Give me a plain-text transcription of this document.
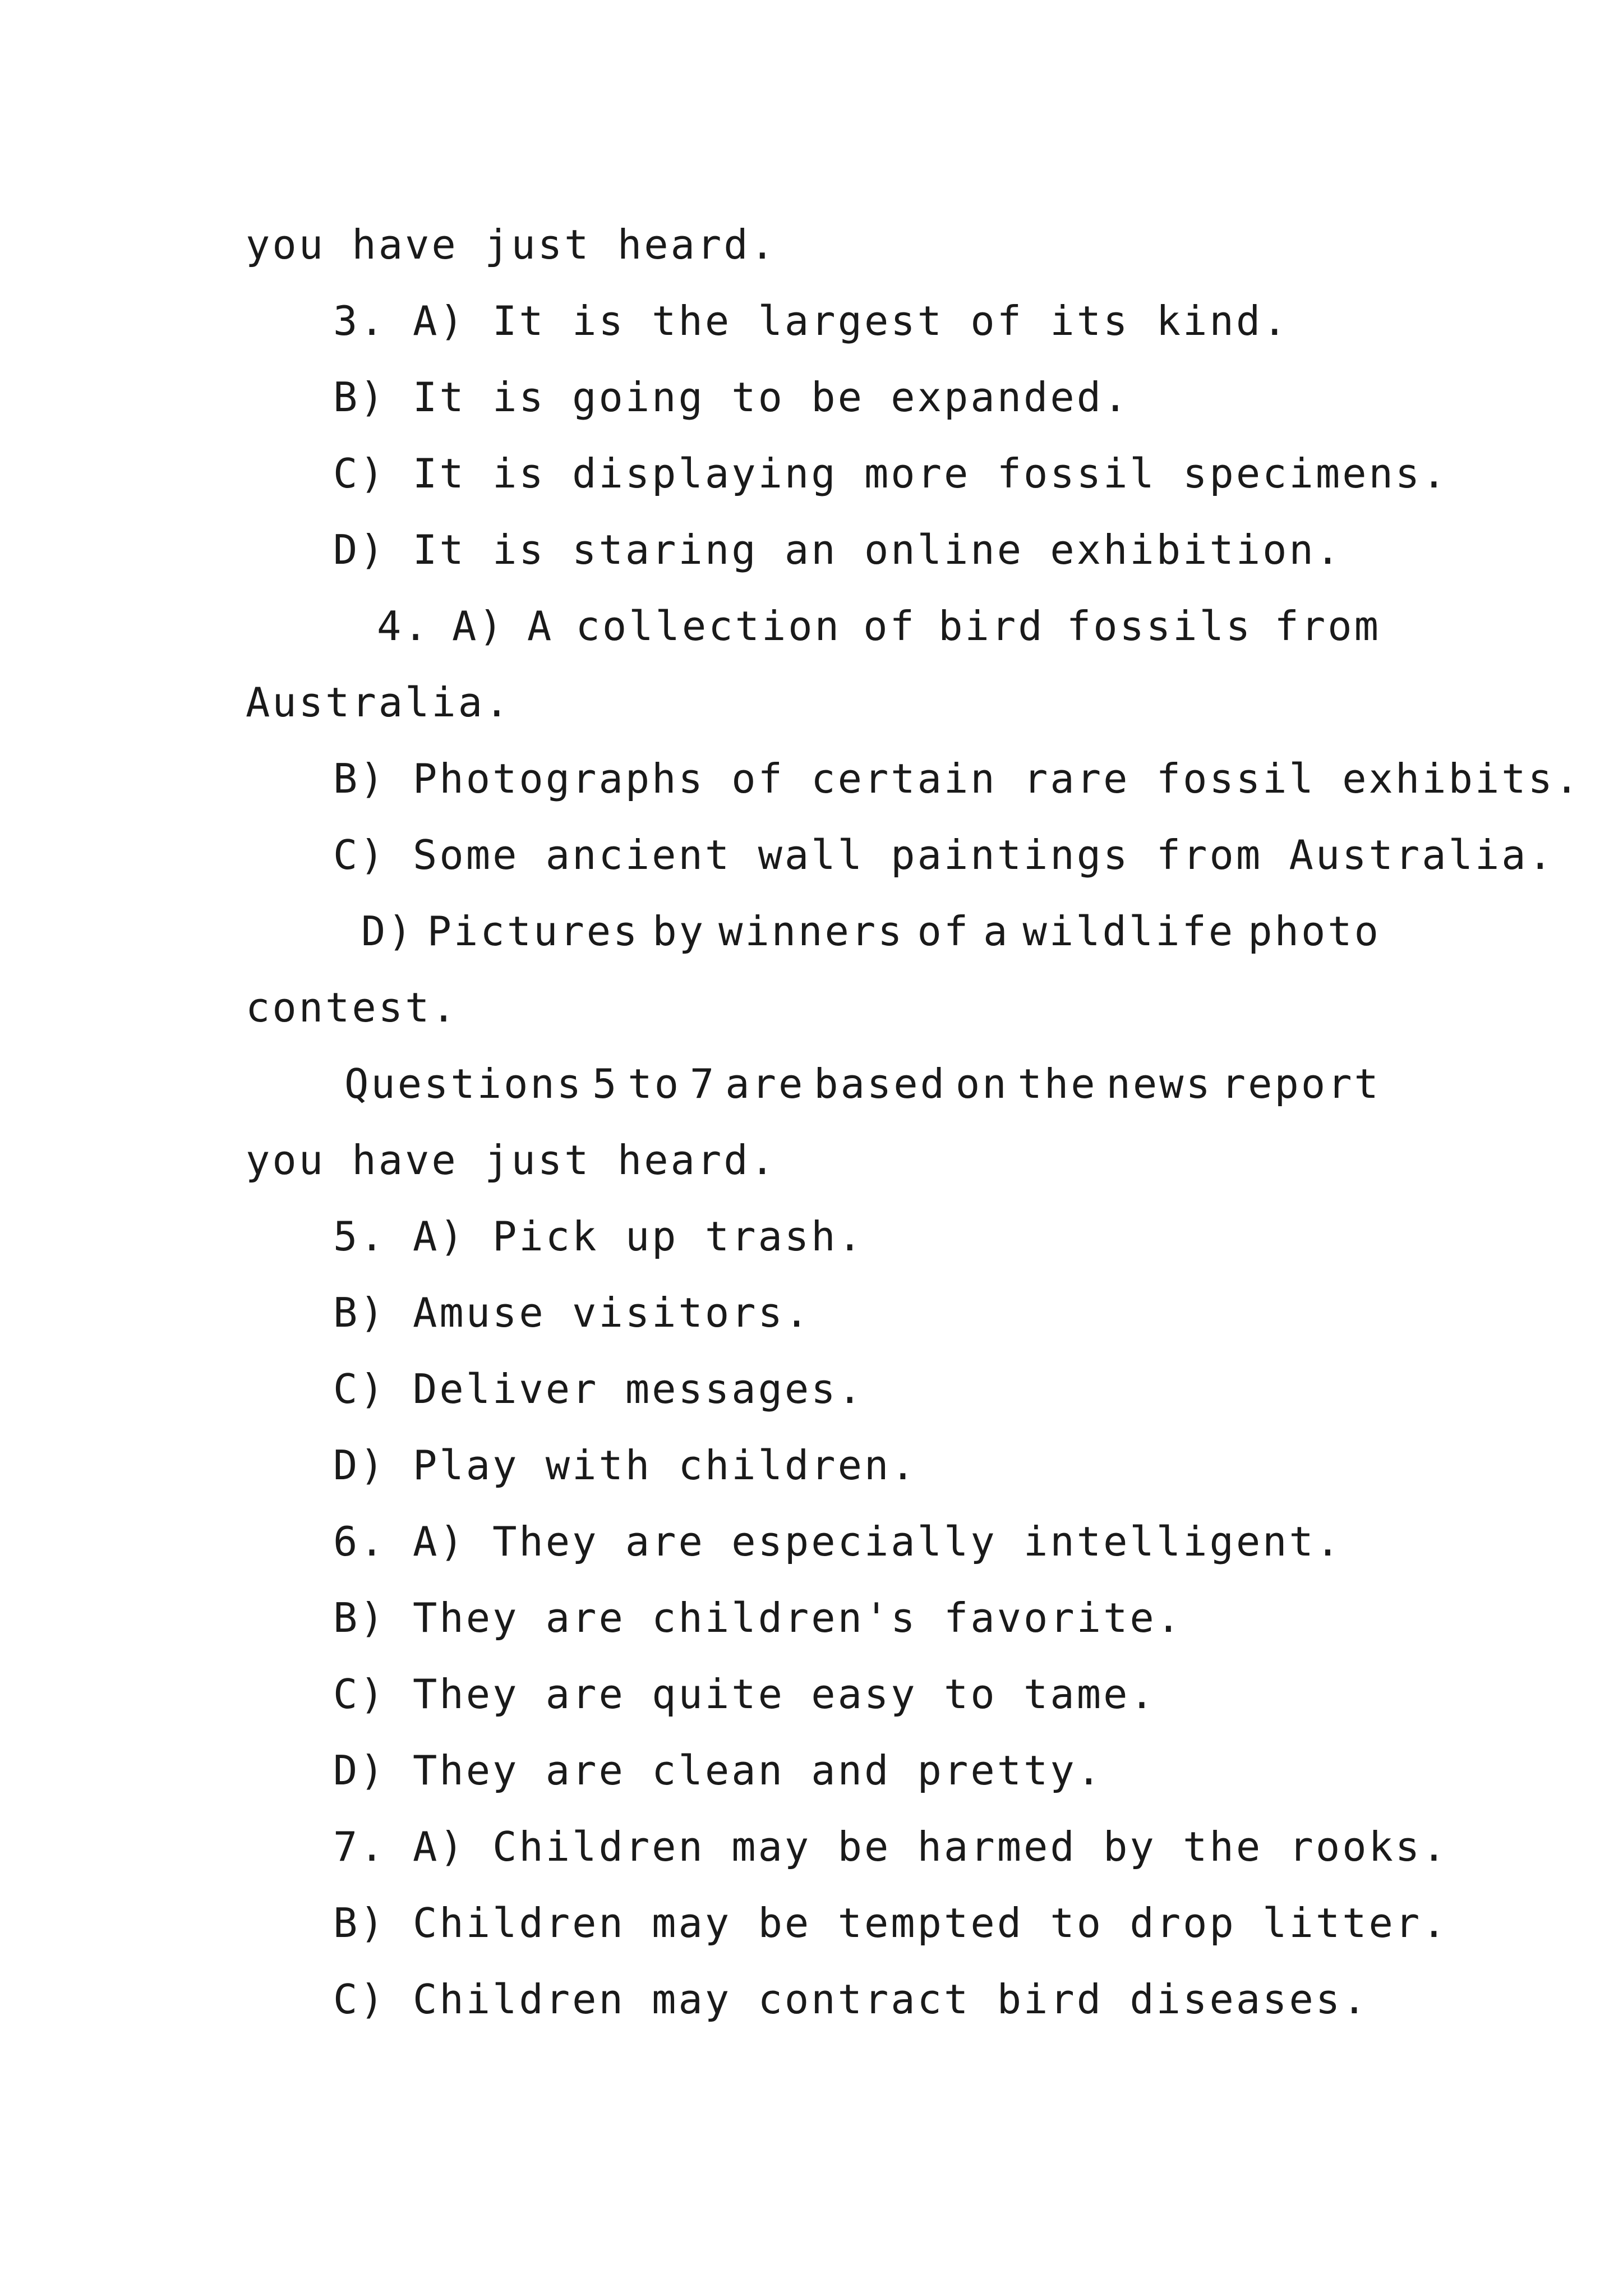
you have just heard.
3. A) It is the largest of its kind.
B) It is going to be expanded.
C) It is displaying more fossil specimens.
D) It is staring an online exhibition.
4. A) A collection of bird fossils from
Australia.
B) Photographs of certain rare fossil exhibits.
C) Some ancient wall paintings from Australia.
D) Pictures by winners of a wildlife photo
contest.
Questions 5 to 7 are based on the news report
you have just heard.
5. A) Pick up trash.
B) Amuse visitors.
C) Deliver messages.
D) Play with children.
6. A) They are especially intelligent.
B) They are children's favorite.
C) They are quite easy to tame.
D) They are clean and pretty.
7. A) Children may be harmed by the rooks.
B) Children may be tempted to drop litter.
C) Children may contract bird diseases.
